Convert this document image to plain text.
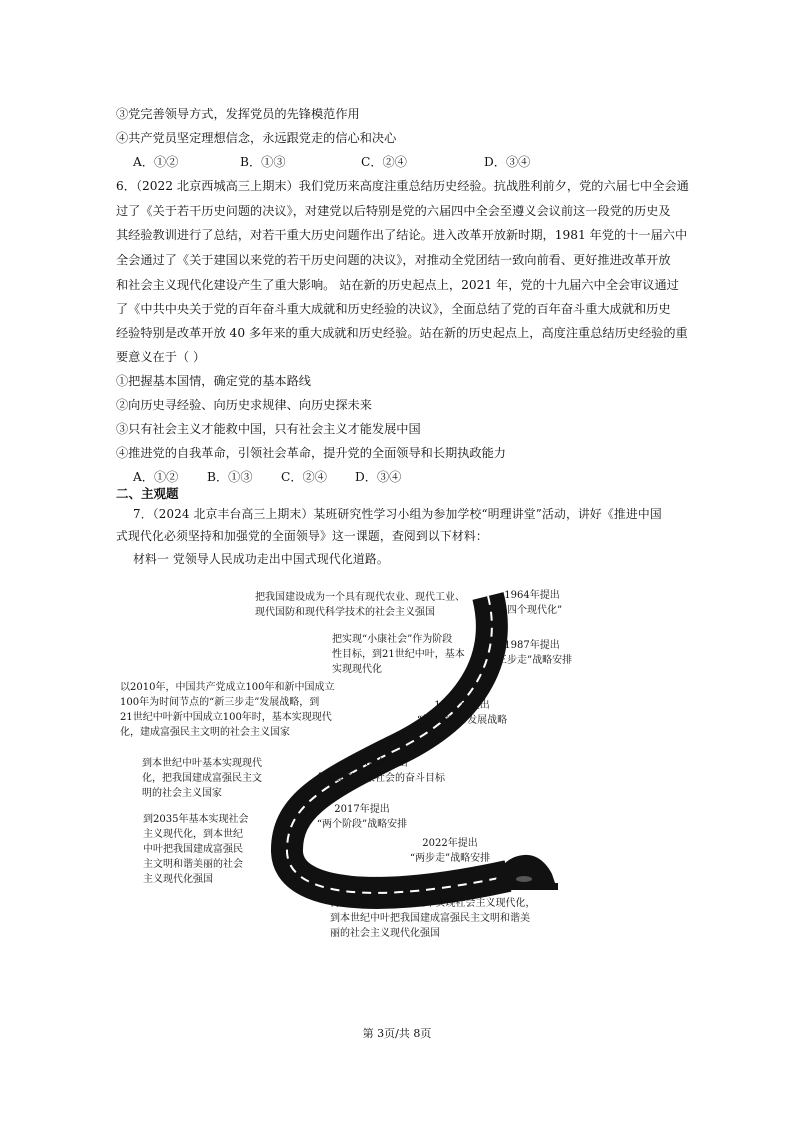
③党完善领导方式，发挥党员的先锋模范作用
④共产党员坚定理想信念，永远跟党走的信心和决心
A．①②	B．①③	C．②④	D．③④
6．（2022 北京西城高三上期末）我们党历来高度注重总结历史经验。抗战胜利前夕，党的六届七中全会通
过了《关于若干历史问题的决议》，对建党以后特别是党的六届四中全会至遵义会议前这一段党的历史及
其经验教训进行了总结，对若干重大历史问题作出了结论。进入改革开放新时期，1981 年党的十一届六中
全会通过了《关于建国以来党的若干历史问题的决议》，对推动全党团结一致向前看、更好推进改革开放
和社会主义现代化建设产生了重大影响。 站在新的历史起点上，2021 年，党的十九届六中全会审议通过
了《中共中央关于党的百年奋斗重大成就和历史经验的决议》，全面总结了党的百年奋斗重大成就和历史
经验特别是改革开放 40 多年来的重大成就和历史经验。站在新的历史起点上，高度注重总结历史经验的重
要意义在于（ ）
①把握基本国情，确定党的基本路线
②向历史寻经验、向历史求规律、向历史探未来
③只有社会主义才能救中国，只有社会主义才能发展中国
④推进党的自我革命，引领社会革命，提升党的全面领导和长期执政能力
A．①② B．①③ C．②④ D．③④
二、主观题
7．（2024 北京丰台高三上期末）某班研究性学习小组为参加学校“明理讲堂”活动，讲好《推进中国
式现代化必须坚持和加强党的全面领导》这一课题，查阅到以下材料：
材料一 党领导人民成功走出中国式现代化道路。
把我国建设成为一个具有现代农业、现代工业、
现代国防和现代科学技术的社会主义强国
把实现“小康社会”作为阶段
性目标，到21世纪中叶，基本
实现现代化
以2010年，中国共产党成立100年和新中国成立
100年为时间节点的“新三步走”发展战略，到
21世纪中叶新中国成立100年时，基本实现现代
化，建成富强民主文明的社会主义国家
到本世纪中叶基本实现现代
化，把我国建成富强民主文
明的社会主义国家
到2035年基本实现社会
主义现代化，到本世纪
中叶把我国建成富强民
主文明和谐美丽的社会
主义现代化强国
再次明确到2035年基本实现社会主义现代化，
到本世纪中叶把我国建成富强民主文明和谐美
丽的社会主义现代化强国
1964年提出
“四个现代化”
1987年提出
“三步走”战略安排
1997年提出
“新三步走”发展战略
2002年提出
全面建设小康社会的奋斗目标
2017年提出
“两个阶段”战略安排
2022年提出
“两步走”战略安排
第 3页/共 8页
